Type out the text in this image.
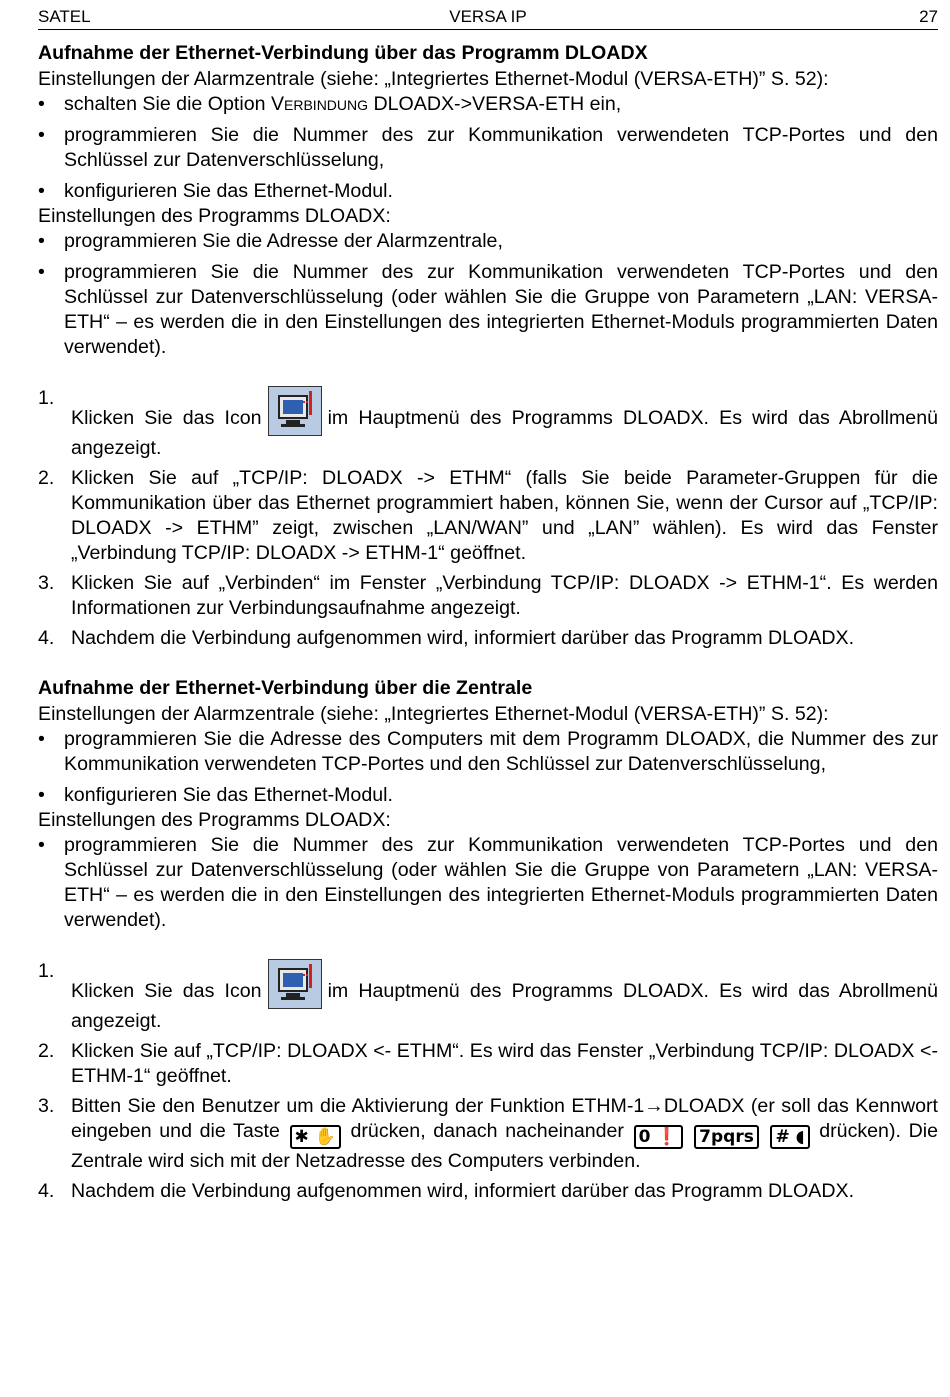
SATEL	VERSA IP	27
Aufnahme der Ethernet-Verbindung über das Programm DLOADX

Einstellungen der Alarmzentrale (siehe: „Integriertes Ethernet-Modul (VERSA-ETH)” S. 52):

• schalten Sie die Option Verbindung DLOADX->VERSA-ETH ein,
• programmieren Sie die Nummer des zur Kommunikation verwendeten TCP-Portes und den Schlüssel zur Datenverschlüsselung,
• konfigurieren Sie das Ethernet-Modul.

Einstellungen des Programms DLOADX:

• programmieren Sie die Adresse der Alarmzentrale,
• programmieren Sie die Nummer des zur Kommunikation verwendeten TCP-Portes und den Schlüssel zur Datenverschlüsselung (oder wählen Sie die Gruppe von Parametern „LAN: VERSA-ETH“ – es werden die in den Einstellungen des integrierten Ethernet-Moduls programmierten Daten verwendet).
1.
Klicken Sie das Icon	im Hauptmenü des Programms DLOADX. Es wird das Abrollmenü angezeigt.
2. Klicken Sie auf „TCP/IP: DLOADX -> ETHM“ (falls Sie beide Parameter-Gruppen für die Kommunikation über das Ethernet programmiert haben, können Sie, wenn der Cursor auf „TCP/IP: DLOADX -> ETHM” zeigt, zwischen „LAN/WAN” und „LAN” wählen). Es wird das Fenster „Verbindung TCP/IP: DLOADX -> ETHM-1“ geöffnet.
3. Klicken Sie auf „Verbinden“ im Fenster „Verbindung TCP/IP: DLOADX -> ETHM-1“. Es werden Informationen zur Verbindungsaufnahme angezeigt.
4. Nachdem die Verbindung aufgenommen wird, informiert darüber das Programm DLOADX.
Aufnahme der Ethernet-Verbindung über die Zentrale

Einstellungen der Alarmzentrale (siehe: „Integriertes Ethernet-Modul (VERSA-ETH)” S. 52):

• programmieren Sie die Adresse des Computers mit dem Programm DLOADX, die Nummer des zur Kommunikation verwendeten TCP-Portes und den Schlüssel zur Datenverschlüsselung,
• konfigurieren Sie das Ethernet-Modul.

Einstellungen des Programms DLOADX:

• programmieren Sie die Nummer des zur Kommunikation verwendeten TCP-Portes und den Schlüssel zur Datenverschlüsselung (oder wählen Sie die Gruppe von Parametern „LAN: VERSA-ETH“ – es werden die in den Einstellungen des integrierten Ethernet-Moduls programmierten Daten verwendet).
1.
Klicken Sie das Icon	im Hauptmenü des Programms DLOADX. Es wird das Abrollmenü angezeigt.
2. Klicken Sie auf „TCP/IP: DLOADX <- ETHM“. Es wird das Fenster „Verbindung TCP/IP: DLOADX <- ETHM-1“ geöffnet.
3. Bitten Sie den Benutzer um die Aktivierung der Funktion ETHM-1→DLOADX (er soll das Kennwort eingeben und die Taste ✱ ✋ drücken, danach nacheinander 0 ❗ 7pqrs # ◖ drücken). Die Zentrale wird sich mit der Netzadresse des Computers verbinden.
4. Nachdem die Verbindung aufgenommen wird, informiert darüber das Programm DLOADX.
